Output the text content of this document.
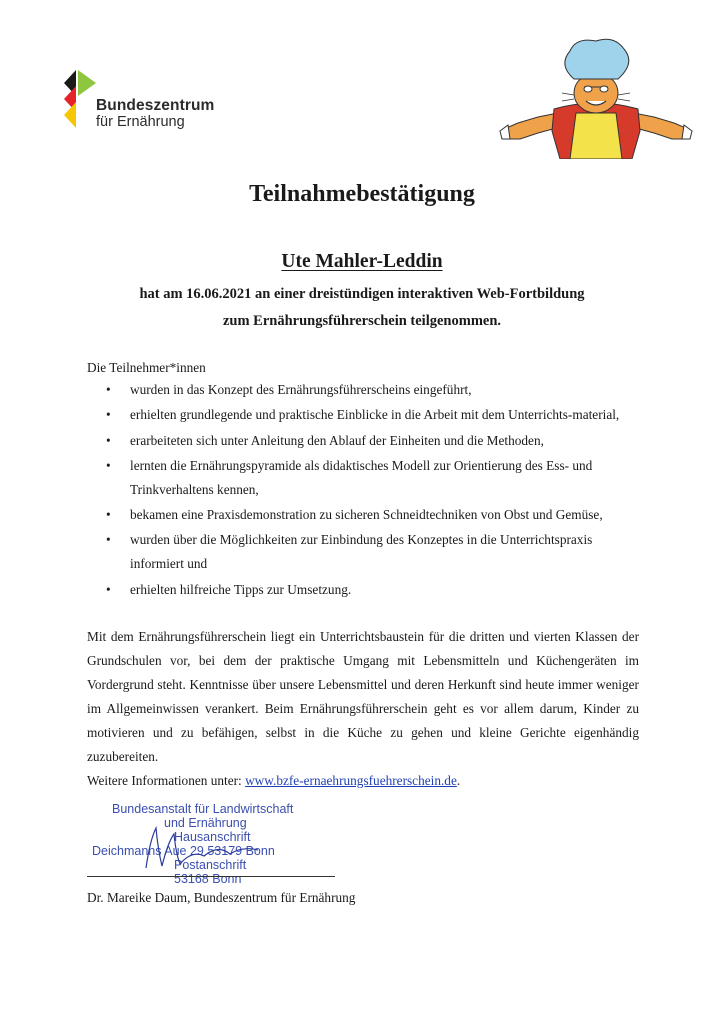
Bundeszentrum
für Ernährung
Teilnahmebestätigung
Ute Mahler-Leddin
hat am 16.06.2021 an einer dreistündigen interaktiven Web-Fortbildung
zum Ernährungsführerschein teilgenommen.
Die Teilnehmer*innen
• wurden in das Konzept des Ernährungsführerscheins eingeführt,
• erhielten grundlegende und praktische Einblicke in die Arbeit mit dem Unterrichts-material,
• erarbeiteten sich unter Anleitung den Ablauf der Einheiten und die Methoden,
• lernten die Ernährungspyramide als didaktisches Modell zur Orientierung des Ess- und Trinkverhaltens kennen,
• bekamen eine Praxisdemonstration zu sicheren Schneidtechniken von Obst und Gemüse,
• wurden über die Möglichkeiten zur Einbindung des Konzeptes in die Unterrichtspraxis informiert und
• erhielten hilfreiche Tipps zur Umsetzung.
Mit dem Ernährungsführerschein liegt ein Unterrichtsbaustein für die dritten und vierten Klassen der Grundschulen vor, bei dem der praktische Umgang mit Lebensmitteln und Küchengeräten im Vordergrund steht. Kenntnisse über unsere Lebensmittel und deren Herkunft sind heute immer weniger im Allgemeinwissen verankert. Beim Ernährungsführerschein geht es vor allem darum, Kinder zu motivieren und zu befähigen, selbst in die Küche zu gehen und kleine Gerichte eigenhändig zuzubereiten.
Weitere Informationen unter: www.bzfe-ernaehrungsfuehrerschein.de.
Bundesanstalt für Landwirtschaft
und Ernährung
Hausanschrift
Deichmanns Aue 29 53179 Bonn
Postanschrift
53168 Bonn
Dr. Mareike Daum, Bundeszentrum für Ernährung
